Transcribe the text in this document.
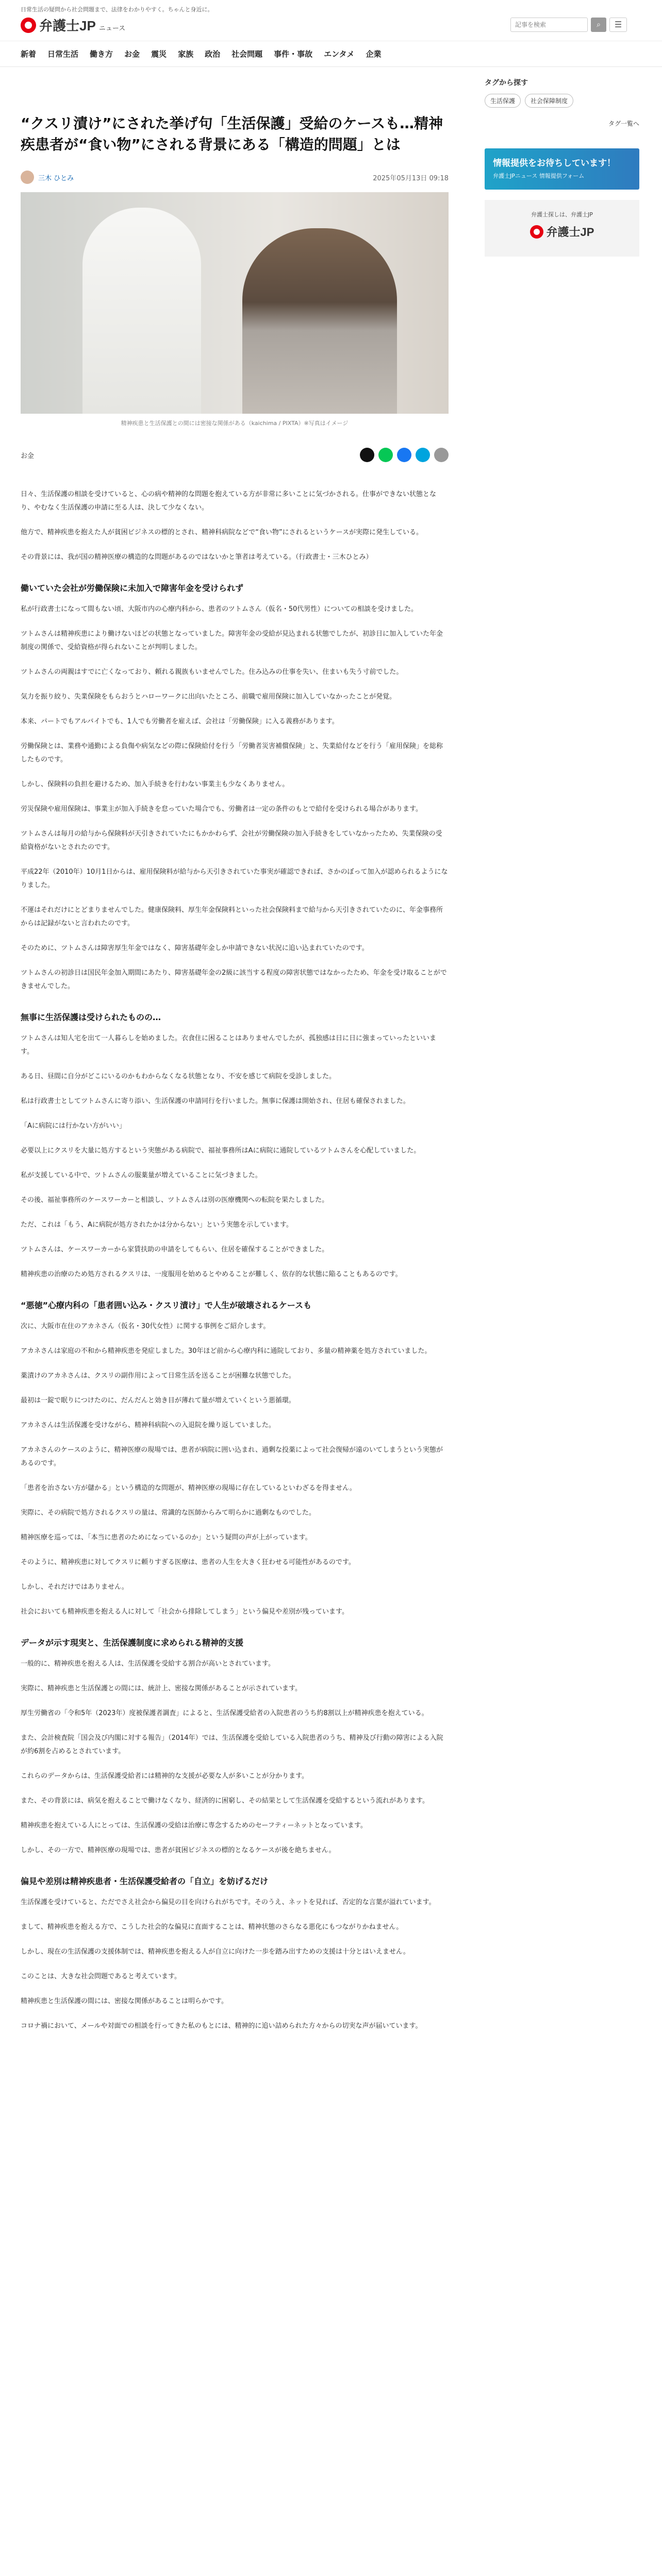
日常生活の疑問から社会問題まで、法律をわかりやすく。ちゃんと身近に。
弁護士JP ニュース
記事を検索	⌕	☰
新着 日常生活 働き方 お金 震災 家族 政治 社会問題 事件・事故 エンタメ 企業
“クスリ漬け”にされた挙げ句「生活保護」受給のケースも…精神疾患者が“食い物”にされる背景にある「構造的問題」とは
三木 ひとみ	2025年05月13日 09:18
精神疾患と生活保護との間には密接な関係がある（kaichima / PIXTA）※写真はイメージ
お金

日々、生活保護の相談を受けていると、心の病や精神的な問題を抱えている方が非常に多いことに気づかされる。仕事ができない状態となり、やむなく生活保護の申請に至る人は、決して少なくない。

他方で、精神疾患を抱えた人が貧困ビジネスの標的とされ、精神科病院などで“食い物”にされるというケースが実際に発生している。

その背景には、我が国の精神医療の構造的な問題があるのではないかと筆者は考えている。（行政書士・三木ひとみ）

働いていた会社が労働保険に未加入で障害年金を受けられず

私が行政書士になって間もない頃、大阪市内の心療内科から、患者のツトムさん（仮名・50代男性）についての相談を受けました。

ツトムさんは精神疾患により働けないほどの状態となっていました。障害年金の受給が見込まれる状態でしたが、初診日に加入していた年金制度の関係で、受給資格が得られないことが判明しました。

ツトムさんの両親はすでに亡くなっており、頼れる親族もいませんでした。住み込みの仕事を失い、住まいも失う寸前でした。

気力を振り絞り、失業保険をもらおうとハローワークに出向いたところ、前職で雇用保険に加入していなかったことが発覚。

本来、パートでもアルバイトでも、1人でも労働者を雇えば、会社は「労働保険」に入る義務があります。

労働保険とは、業務や通勤による負傷や病気などの際に保険給付を行う「労働者災害補償保険」と、失業給付などを行う「雇用保険」を総称したものです。

しかし、保険料の負担を避けるため、加入手続きを行わない事業主も少なくありません。

労災保険や雇用保険は、事業主が加入手続きを怠っていた場合でも、労働者は一定の条件のもとで給付を受けられる場合があります。

ツトムさんは毎月の給与から保険料が天引きされていたにもかかわらず、会社が労働保険の加入手続きをしていなかったため、失業保険の受給資格がないとされたのです。

平成22年（2010年）10月1日からは、雇用保険料が給与から天引きされていた事実が確認できれば、さかのぼって加入が認められるようになりました。

不運はそれだけにとどまりませんでした。健康保険料、厚生年金保険料といった社会保険料まで給与から天引きされていたのに、年金事務所からは記録がないと言われたのです。

そのために、ツトムさんは障害厚生年金ではなく、障害基礎年金しか申請できない状況に追い込まれていたのです。

ツトムさんの初診日は国民年金加入期間にあたり、障害基礎年金の2級に該当する程度の障害状態ではなかったため、年金を受け取ることができませんでした。

無事に生活保護は受けられたものの…

ツトムさんは知人宅を出て一人暮らしを始めました。衣食住に困ることはありませんでしたが、孤独感は日に日に強まっていったといいます。

ある日、昼間に自分がどこにいるのかもわからなくなる状態となり、不安を感じて病院を受診しました。

私は行政書士としてツトムさんに寄り添い、生活保護の申請同行を行いました。無事に保護は開始され、住居も確保されました。

「Aに病院には行かない方がいい」

必要以上にクスリを大量に処方するという実態がある病院で、福祉事務所はAに病院に通院しているツトムさんを心配していました。

私が支援している中で、ツトムさんの服薬量が増えていることに気づきました。

その後、福祉事務所のケースワーカーと相談し、ツトムさんは別の医療機関への転院を果たしました。

ただ、これは「もう、Aに病院が処方されたかは分からない」という実態を示しています。

ツトムさんは、ケースワーカーから家賃扶助の申請をしてもらい、住居を確保することができました。

精神疾患の治療のため処方されるクスリは、一度服用を始めるとやめることが難しく、依存的な状態に陥ることもあるのです。

“悪徳”心療内科の「患者囲い込み・クスリ漬け」で人生が破壊されるケースも

次に、大阪市在住のアカネさん（仮名・30代女性）に関する事例をご紹介します。

アカネさんは家庭の不和から精神疾患を発症しました。30年ほど前から心療内科に通院しており、多量の精神薬を処方されていました。

薬漬けのアカネさんは、クスリの副作用によって日常生活を送ることが困難な状態でした。

最初は一錠で眠りにつけたのに、だんだんと効き目が薄れて量が増えていくという悪循環。

アカネさんは生活保護を受けながら、精神科病院への入退院を繰り返していました。

アカネさんのケースのように、精神医療の現場では、患者が病院に囲い込まれ、過剰な投薬によって社会復帰が遠のいてしまうという実態があるのです。

「患者を治さない方が儲かる」という構造的な問題が、精神医療の現場に存在しているといわざるを得ません。

実際に、その病院で処方されるクスリの量は、常識的な医師からみて明らかに過剰なものでした。

精神医療を巡っては、「本当に患者のためになっているのか」という疑問の声が上がっています。

そのように、精神疾患に対してクスリに頼りすぎる医療は、患者の人生を大きく狂わせる可能性があるのです。

しかし、それだけではありません。

社会においても精神疾患を抱える人に対して「社会から排除してしまう」という偏見や差別が残っています。

データが示す現実と、生活保護制度に求められる精神的支援

一般的に、精神疾患を抱える人は、生活保護を受給する割合が高いとされています。

実際に、精神疾患と生活保護との間には、統計上、密接な関係があることが示されています。

厚生労働省の「令和5年（2023年）度被保護者調査」によると、生活保護受給者の入院患者のうち約8割以上が精神疾患を抱えている。

また、会計検査院「国会及び内閣に対する報告」（2014年）では、生活保護を受給している入院患者のうち、精神及び行動の障害による入院が約6割を占めるとされています。

これらのデータからは、生活保護受給者には精神的な支援が必要な人が多いことが分かります。

また、その背景には、病気を抱えることで働けなくなり、経済的に困窮し、その結果として生活保護を受給するという流れがあります。

精神疾患を抱えている人にとっては、生活保護の受給は治療に専念するためのセーフティーネットとなっています。

しかし、その一方で、精神医療の現場では、患者が貧困ビジネスの標的となるケースが後を絶ちません。

偏見や差別は精神疾患者・生活保護受給者の「自立」を妨げるだけ

生活保護を受けていると、ただでさえ社会から偏見の目を向けられがちです。そのうえ、ネットを見れば、否定的な言葉が溢れています。

まして、精神疾患を抱える方で、こうした社会的な偏見に直面することは、精神状態のさらなる悪化にもつながりかねません。

しかし、現在の生活保護の支援体制では、精神疾患を抱える人が自立に向けた一歩を踏み出すための支援は十分とはいえません。

このことは、大きな社会問題であると考えています。

精神疾患と生活保護の間には、密接な関係があることは明らかです。

コロナ禍において、メールや対面での相談を行ってきた私のもとには、精神的に追い詰められた方々からの切実な声が届いています。

タグから探す
生活保護	社会保障制度
タグ一覧へ
情報提供をお待ちしています！
弁護士JPニュース 情報提供フォーム
弁護士探しは、弁護士JP
弁護士JP
